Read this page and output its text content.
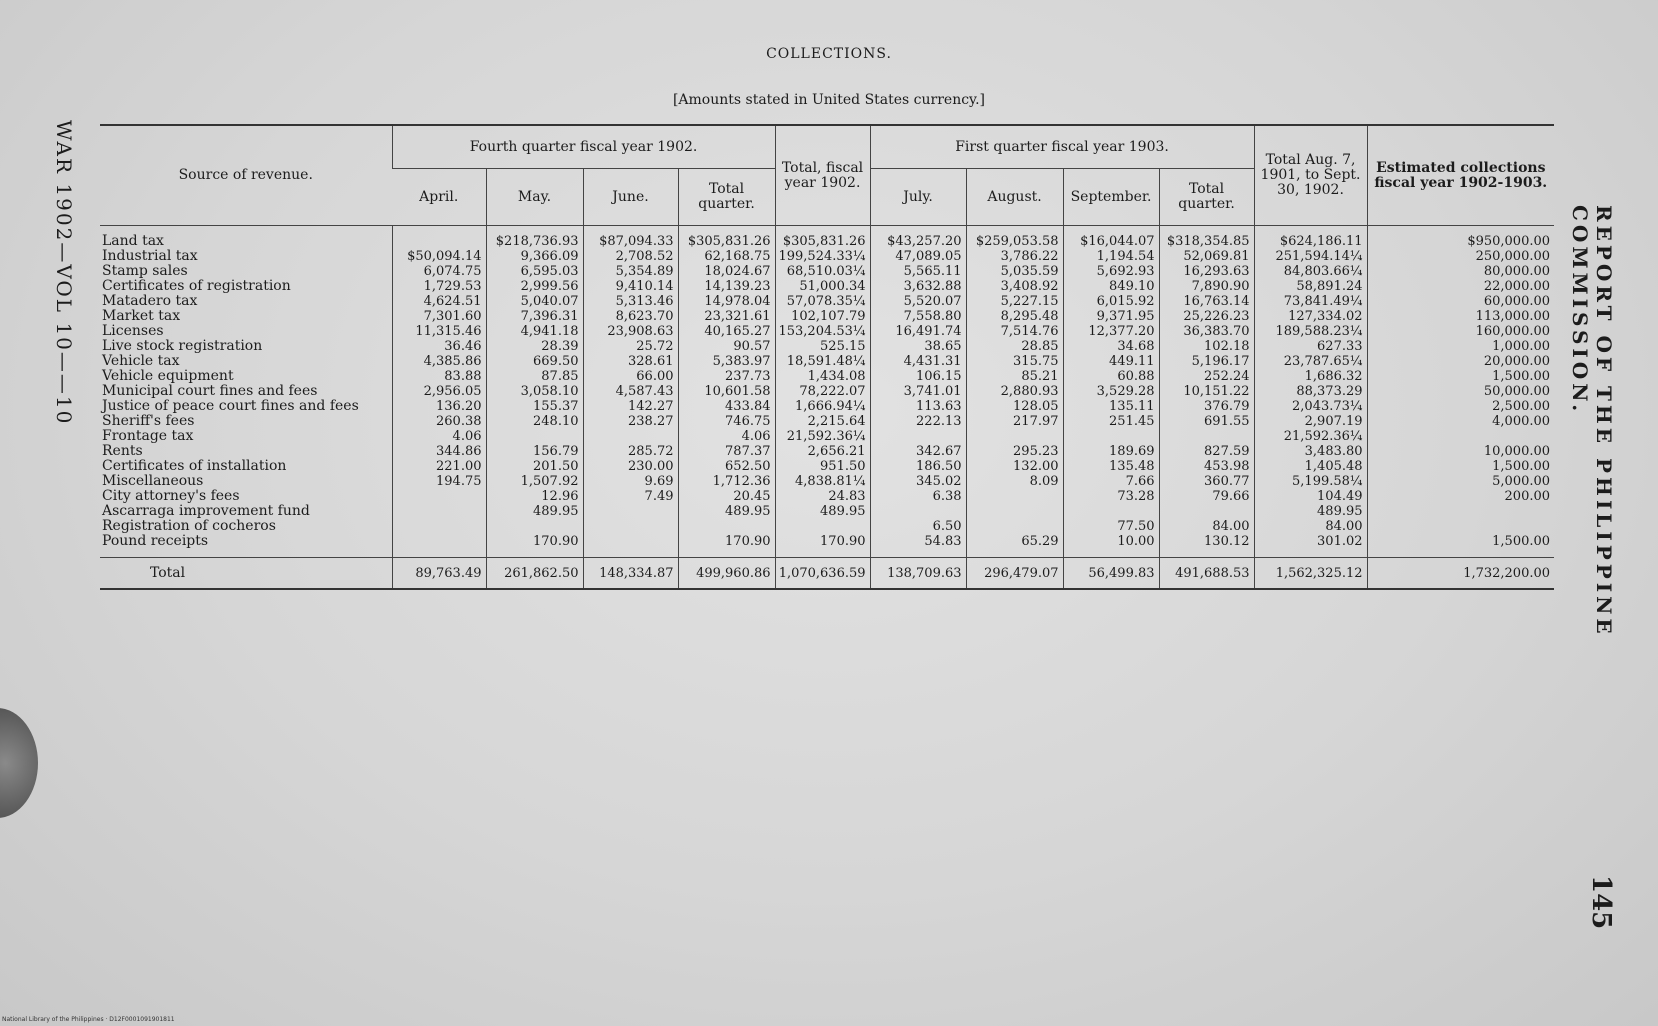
COLLECTIONS.
[Amounts stated in United States currency.]
WAR 1902—VOL 10——10	REPORT OF THE PHILIPPINE COMMISSION.
145
National Library of the Philippines · D12F0001091901811
Source of revenue.	Fourth quarter fiscal year 1902.				Total, fiscal year 1902.	First quarter fiscal year 1903.				Total Aug. 7, 1901, to Sept. 30, 1902.	Estimated collections fiscal year 1902-1903.
	April.	May.	June.	Total quarter.		July.	August.	September.	Total quarter.		
Land tax		$218,736.93	$87,094.33	$305,831.26	$305,831.26	$43,257.20	$259,053.58	$16,044.07	$318,354.85	$624,186.11	$950,000.00
Industrial tax	$50,094.14	9,366.09	2,708.52	62,168.75	199,524.33¼	47,089.05	3,786.22	1,194.54	52,069.81	251,594.14¼	250,000.00
Stamp sales	6,074.75	6,595.03	5,354.89	18,024.67	68,510.03¼	5,565.11	5,035.59	5,692.93	16,293.63	84,803.66¼	80,000.00
Certificates of registration	1,729.53	2,999.56	9,410.14	14,139.23	51,000.34	3,632.88	3,408.92	849.10	7,890.90	58,891.24	22,000.00
Matadero tax	4,624.51	5,040.07	5,313.46	14,978.04	57,078.35¼	5,520.07	5,227.15	6,015.92	16,763.14	73,841.49¼	60,000.00
Market tax	7,301.60	7,396.31	8,623.70	23,321.61	102,107.79	7,558.80	8,295.48	9,371.95	25,226.23	127,334.02	113,000.00
Licenses	11,315.46	4,941.18	23,908.63	40,165.27	153,204.53¼	16,491.74	7,514.76	12,377.20	36,383.70	189,588.23¼	160,000.00
Live stock registration	36.46	28.39	25.72	90.57	525.15	38.65	28.85	34.68	102.18	627.33	1,000.00
Vehicle tax	4,385.86	669.50	328.61	5,383.97	18,591.48¼	4,431.31	315.75	449.11	5,196.17	23,787.65¼	20,000.00
Vehicle equipment	83.88	87.85	66.00	237.73	1,434.08	106.15	85.21	60.88	252.24	1,686.32	1,500.00
Municipal court fines and fees	2,956.05	3,058.10	4,587.43	10,601.58	78,222.07	3,741.01	2,880.93	3,529.28	10,151.22	88,373.29	50,000.00
Justice of peace court fines and fees	136.20	155.37	142.27	433.84	1,666.94¼	113.63	128.05	135.11	376.79	2,043.73¼	2,500.00
Sheriff's fees	260.38	248.10	238.27	746.75	2,215.64	222.13	217.97	251.45	691.55	2,907.19	4,000.00
Frontage tax	4.06			4.06	21,592.36¼					21,592.36¼	
Rents	344.86	156.79	285.72	787.37	2,656.21	342.67	295.23	189.69	827.59	3,483.80	10,000.00
Certificates of installation	221.00	201.50	230.00	652.50	951.50	186.50	132.00	135.48	453.98	1,405.48	1,500.00
Miscellaneous	194.75	1,507.92	9.69	1,712.36	4,838.81¼	345.02	8.09	7.66	360.77	5,199.58¼	5,000.00
City attorney's fees		12.96	7.49	20.45	24.83	6.38		73.28	79.66	104.49	200.00
Ascarraga improvement fund		489.95		489.95	489.95					489.95	
Registration of cocheros						6.50		77.50	84.00	84.00	
Pound receipts		170.90		170.90	170.90	54.83	65.29	10.00	130.12	301.02	1,500.00
Total	89,763.49	261,862.50	148,334.87	499,960.86	1,070,636.59	138,709.63	296,479.07	56,499.83	491,688.53	1,562,325.12	1,732,200.00
